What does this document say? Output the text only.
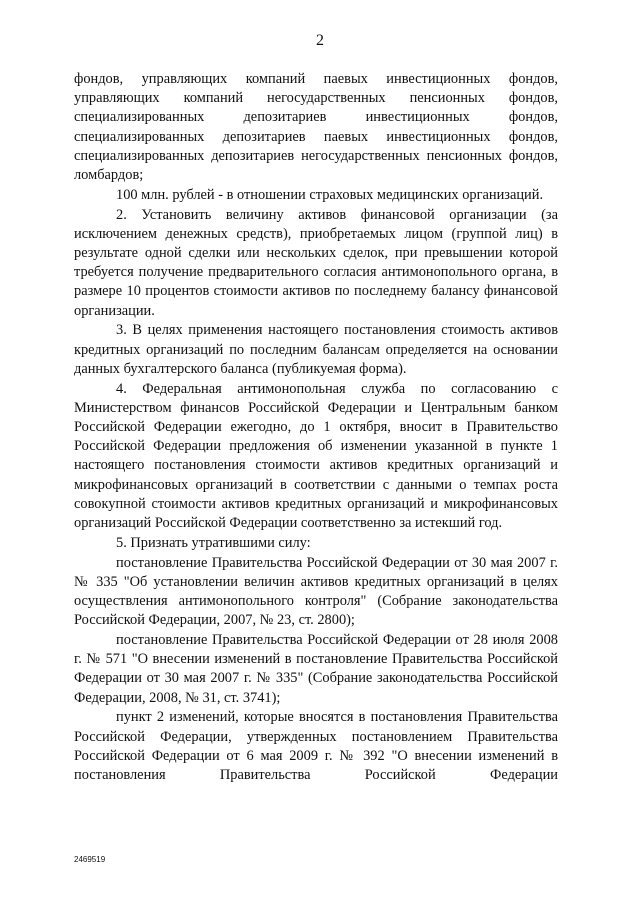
2

фондов, управляющих компаний паевых инвестиционных фондов, управляющих компаний негосударственных пенсионных фондов, специализированных депозитариев инвестиционных фондов, специализированных депозитариев паевых инвестиционных фондов, специализированных депозитариев негосударственных пенсионных фондов, ломбардов;

100 млн. рублей - в отношении страховых медицинских организаций.

2. Установить величину активов финансовой организации (за исключением денежных средств), приобретаемых лицом (группой лиц) в результате одной сделки или нескольких сделок, при превышении которой требуется получение предварительного согласия антимонопольного органа, в размере 10 процентов стоимости активов по последнему балансу финансовой организации.

3. В целях применения настоящего постановления стоимость активов кредитных организаций по последним балансам определяется на основании данных бухгалтерского баланса (публикуемая форма).

4. Федеральная антимонопольная служба по согласованию с Министерством финансов Российской Федерации и Центральным банком Российской Федерации ежегодно, до 1 октября, вносит в Правительство Российской Федерации предложения об изменении указанной в пункте 1 настоящего постановления стоимости активов кредитных организаций и микрофинансовых организаций в соответствии с данными о темпах роста совокупной стоимости активов кредитных организаций и микрофинансовых организаций Российской Федерации соответственно за истекший год.

5. Признать утратившими силу:

постановление Правительства Российской Федерации от 30 мая 2007 г. № 335 "Об установлении величин активов кредитных организаций в целях осуществления антимонопольного контроля" (Собрание законодательства Российской Федерации, 2007, № 23, ст. 2800);

постановление Правительства Российской Федерации от 28 июля 2008 г. № 571 "О внесении изменений в постановление Правительства Российской Федерации от 30 мая 2007 г. № 335" (Собрание законодательства Российской Федерации, 2008, № 31, ст. 3741);

пункт 2 изменений, которые вносятся в постановления Правительства Российской Федерации, утвержденных постановлением Правительства Российской Федерации от 6 мая 2009 г. № 392 "О внесении изменений в постановления Правительства Российской Федерации

2469519
